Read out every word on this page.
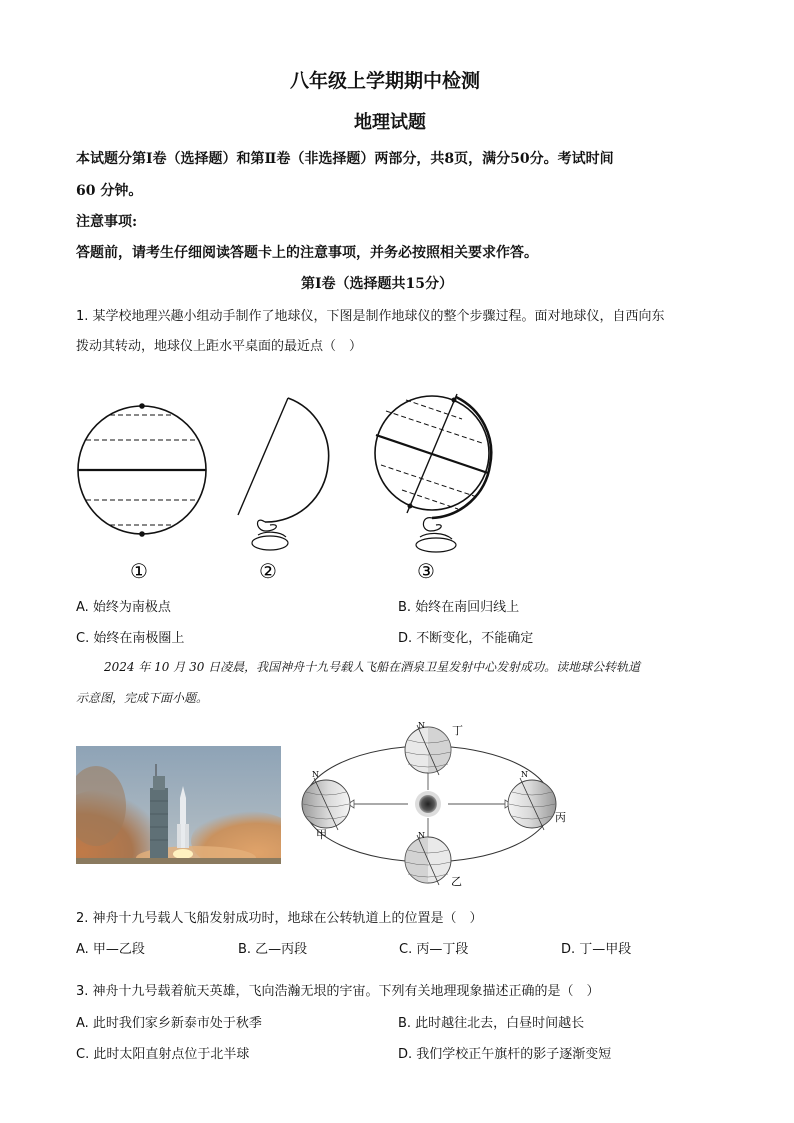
八年级上学期期中检测
地理试题
本试题分第Ⅰ卷（选择题）和第Ⅱ卷（非选择题）两部分，共8页，满分50分。考试时间
60 分钟。
注意事项:
答题前，请考生仔细阅读答题卡上的注意事项，并务必按照相关要求作答。
第Ⅰ卷（选择题共15分）
1. 某学校地理兴趣小组动手制作了地球仪，下图是制作地球仪的整个步骤过程。面对地球仪，自西向东
拨动其转动，地球仪上距水平桌面的最近点（　）
①	②	③
A. 始终为南极点	B. 始终在南回归线上
C. 始终在南极圈上	D. 不断变化，不能确定
2024 年 10 月 30 日凌晨，我国神舟十九号载人飞船在酒泉卫星发射中心发射成功。读地球公转轨道
示意图，完成下面小题。
N	N
N
N
甲
乙
丙
丁
2. 神舟十九号载人飞船发射成功时，地球在公转轨道上的位置是（　）
A. 甲—乙段	B. 乙—丙段	C. 丙—丁段	D. 丁—甲段
3. 神舟十九号载着航天英雄，飞向浩瀚无垠的宇宙。下列有关地理现象描述正确的是（　）
A. 此时我们家乡新泰市处于秋季	B. 此时越往北去，白昼时间越长
C. 此时太阳直射点位于北半球	D. 我们学校正午旗杆的影子逐渐变短
